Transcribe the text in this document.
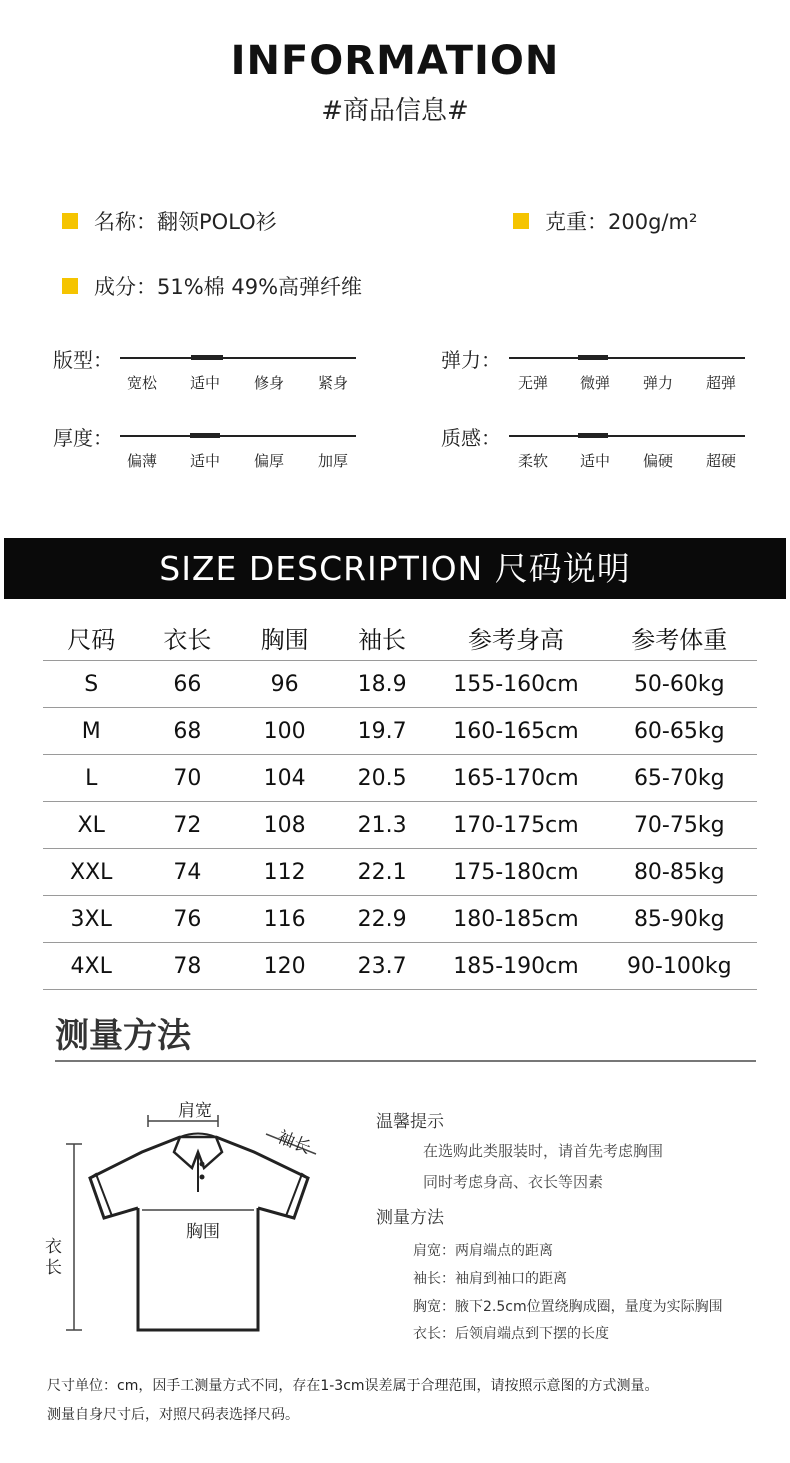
INFORMATION
#商品信息#
名称：翻领POLO衫	克重：200g/m²
成分：51%棉 49%高弹纤维
版型：
宽松	适中	修身	紧身
弹力：
无弹	微弹	弹力	超弹
厚度：
偏薄	适中	偏厚	加厚
质感：
柔软	适中	偏硬	超硬
SIZE DESCRIPTION 尺码说明
尺码	衣长	胸围	袖长	参考身高	参考体重
S	66	96	18.9	155-160cm	50-60kg
M	68	100	19.7	160-165cm	60-65kg
L	70	104	20.5	165-170cm	65-70kg
XL	72	108	21.3	170-175cm	70-75kg
XXL	74	112	22.1	175-180cm	80-85kg
3XL	76	116	22.9	180-185cm	85-90kg
4XL	78	120	23.7	185-190cm	90-100kg
测量方法
肩宽
袖长
胸围
衣
长
温馨提示
在选购此类服装时，请首先考虑胸围
同时考虑身高、衣长等因素
测量方法
肩宽：两肩端点的距离
袖长：袖肩到袖口的距离
胸宽：腋下2.5cm位置绕胸成圈，量度为实际胸围
衣长：后领肩端点到下摆的长度
尺寸单位：cm，因手工测量方式不同，存在1-3cm误差属于合理范围，请按照示意图的方式测量。
测量自身尺寸后，对照尺码表选择尺码。
